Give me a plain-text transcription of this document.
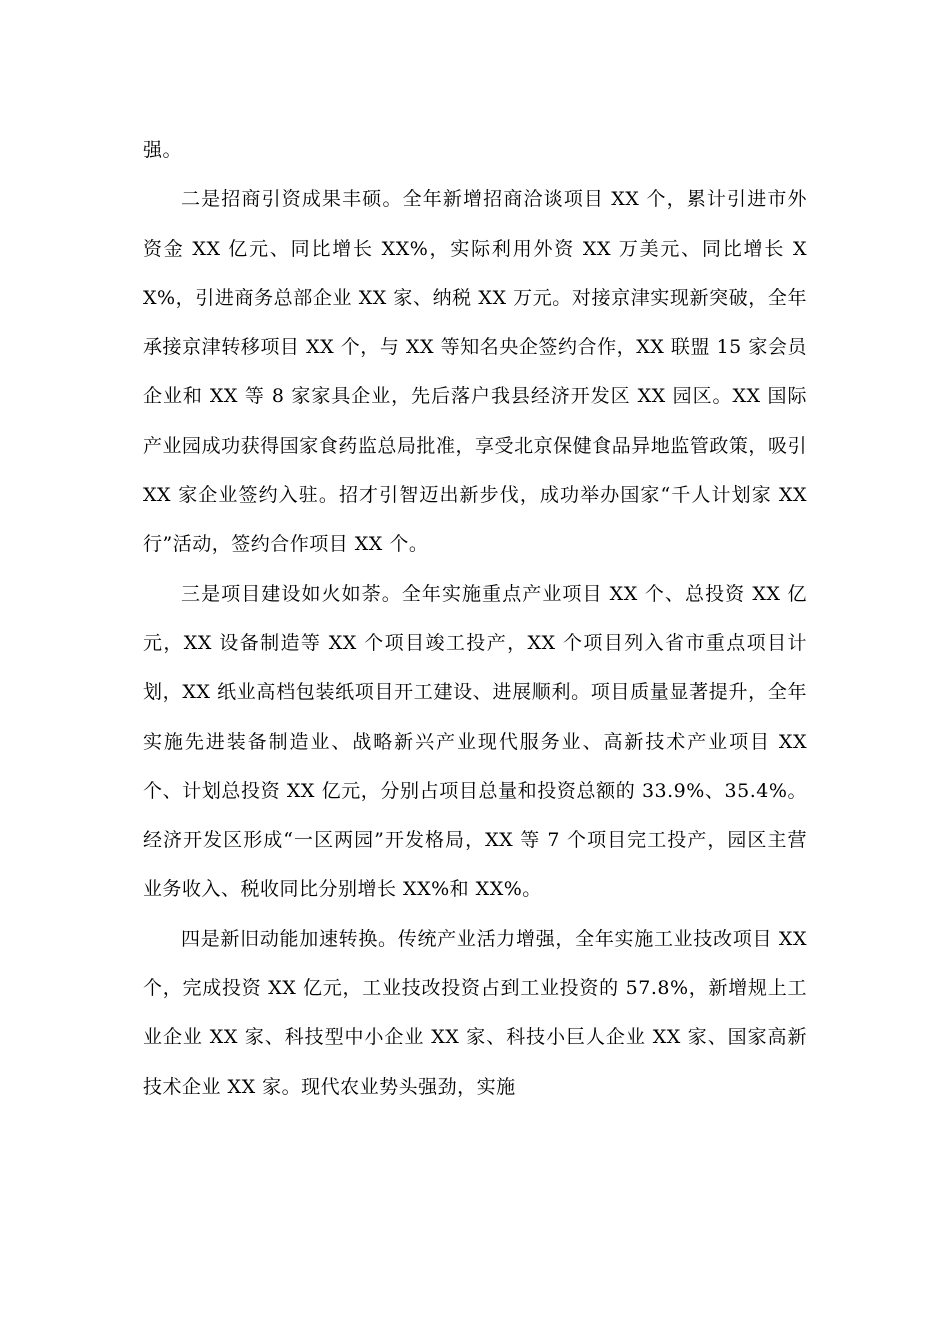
强。

二是招商引资成果丰硕。全年新增招商洽谈项目 XX 个，累计引进市外资金 XX 亿元、同比增长 XX%，实际利用外资 XX 万美元、同比增长 XX%，引进商务总部企业 XX 家、纳税 XX 万元。对接京津实现新突破，全年承接京津转移项目 XX 个，与 XX 等知名央企签约合作，XX 联盟 15 家会员企业和 XX 等 8 家家具企业，先后落户我县经济开发区 XX 园区。XX 国际产业园成功获得国家食药监总局批准，享受北京保健食品异地监管政策，吸引 XX 家企业签约入驻。招才引智迈出新步伐，成功举办国家“千人计划家 XX 行”活动，签约合作项目 XX 个。

三是项目建设如火如荼。全年实施重点产业项目 XX 个、总投资 XX 亿元，XX 设备制造等 XX 个项目竣工投产，XX 个项目列入省市重点项目计划，XX 纸业高档包装纸项目开工建设、进展顺利。项目质量显著提升，全年实施先进装备制造业、战略新兴产业现代服务业、高新技术产业项目 XX 个、计划总投资 XX 亿元，分别占项目总量和投资总额的 33.9%、35.4%。经济开发区形成“一区两园”开发格局，XX 等 7 个项目完工投产，园区主营业务收入、税收同比分别增长 XX%和 XX%。

四是新旧动能加速转换。传统产业活力增强，全年实施工业技改项目 XX 个，完成投资 XX 亿元，工业技改投资占到工业投资的 57.8%，新增规上工业企业 XX 家、科技型中小企业 XX 家、科技小巨人企业 XX 家、国家高新技术企业 XX 家。现代农业势头强劲，实施
